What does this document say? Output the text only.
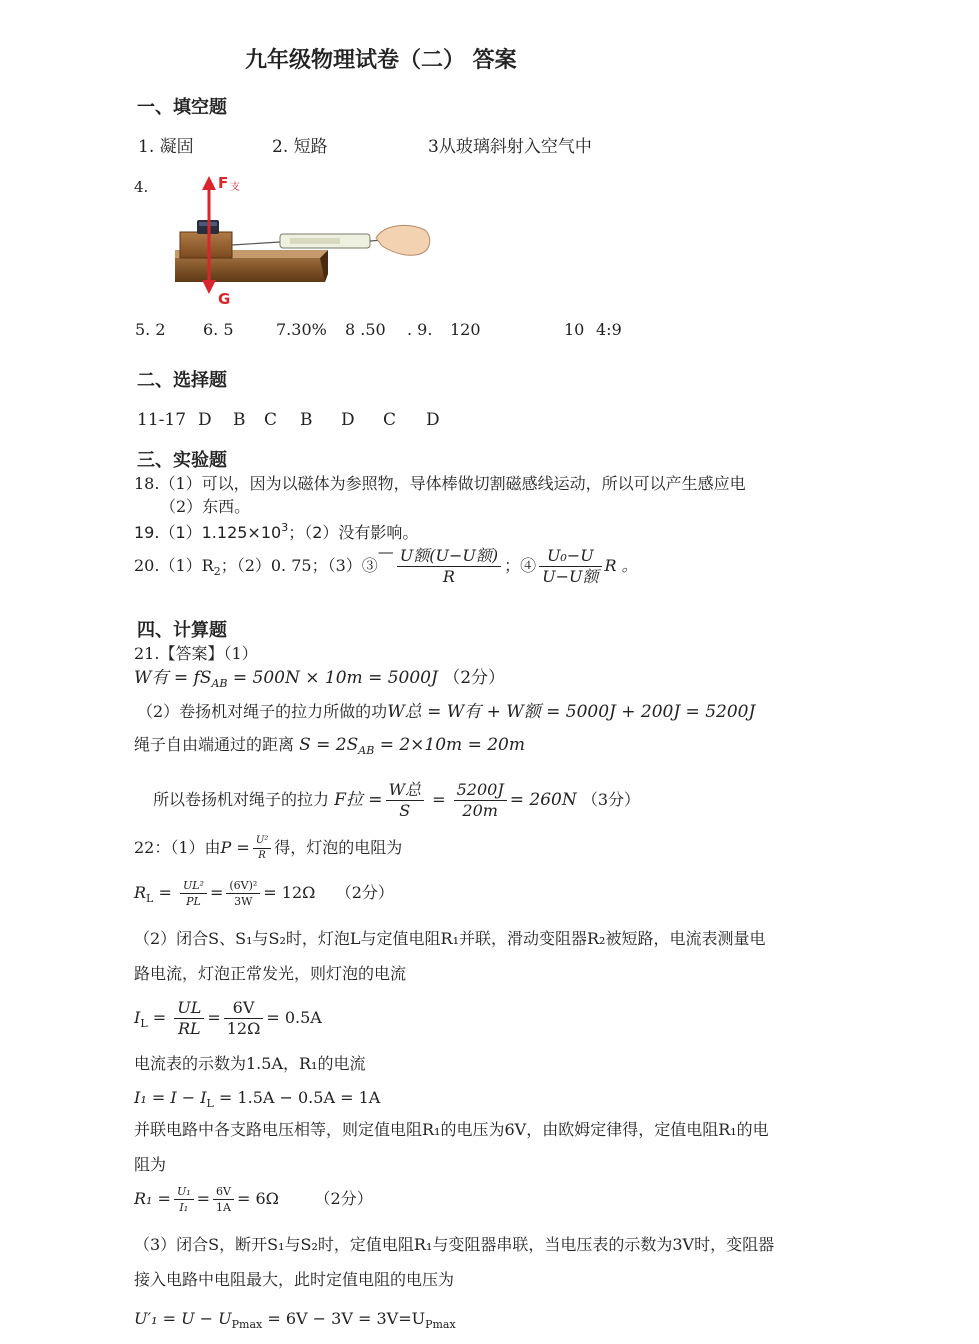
九年级物理试卷（二） 答案
一、填空题
1. 凝固	2. 短路	3从玻璃斜射入空气中
4.	F 支
G
5. 2 6. 5	7.30% 8 .50 . 9. 120	10 4:9
二、选择题
11-17 D B C B D C D
三、实验题
18.（1）可以，因为以磁体为参照物，导体棒做切割磁感线运动，所以可以产生感应电
（2）东西。
$19.(1)1.125\times 10^3$；（2）没有影响。
$20.(1)R_2$；（2）0. 75；（3）③— $\frac{\text{U额(U−U额)}}{R}$ ；④ $\frac{\text{U₀−U}}{\text{U−U额}}$ R 。
四、计算题
21.【答案】（1）
W有 = $fS_{AB} = 500N \times 10m = 5000J$ （2分）
（2）卷扬机对绳子的拉力所做的功W总 = W有 + W额 = 5000J + 200J = 5200J
绳子自由端通过的距离 $S = 2S_{AB} = 2\times 10m = 20m$
所以卷扬机对绳子的拉力 F拉 = $\frac{\text{W总}}{S} = \frac{5200J}{20m} = 260N$ （3分）
22：（1）由$P = \frac{\text{U²}}{R}$ 得，灯泡的电阻为
$R_L = \frac{\text{UL²}}{PL} = \frac{\text{(6V)²}}{3W} = 12\Omega$ （2分）
（2）闭合S、S₁与S₂时，灯泡L与定值电阻R₁并联，滑动变阻器R₂被短路，电流表测量电
路电流，灯泡正常发光，则灯泡的电流
$I_L = \frac{UL}{RL} = \frac{6V}{12\Omega} = 0.5A$
电流表的示数为1.5A，R₁的电流
$I_1 = I - I_L = 1.5A - 0.5A = 1A$
并联电路中各支路电压相等，则定值电阻R₁的电压为6V，由欧姆定律得，定值电阻R₁的电
阻为
$R_1 = \frac{\text{U₁}}{\text{I₁}} = \frac{6V}{1A} = 6\Omega$ （2分）
（3）闭合S，断开S₁与S₂时，定值电阻R₁与变阻器串联，当电压表的示数为3V时，变阻器
接入电路中电阻最大，此时定值电阻的电压为
$U'_1 = U - U_{Pmax} = 6V - 3V = 3V=U_{Pmax}$
